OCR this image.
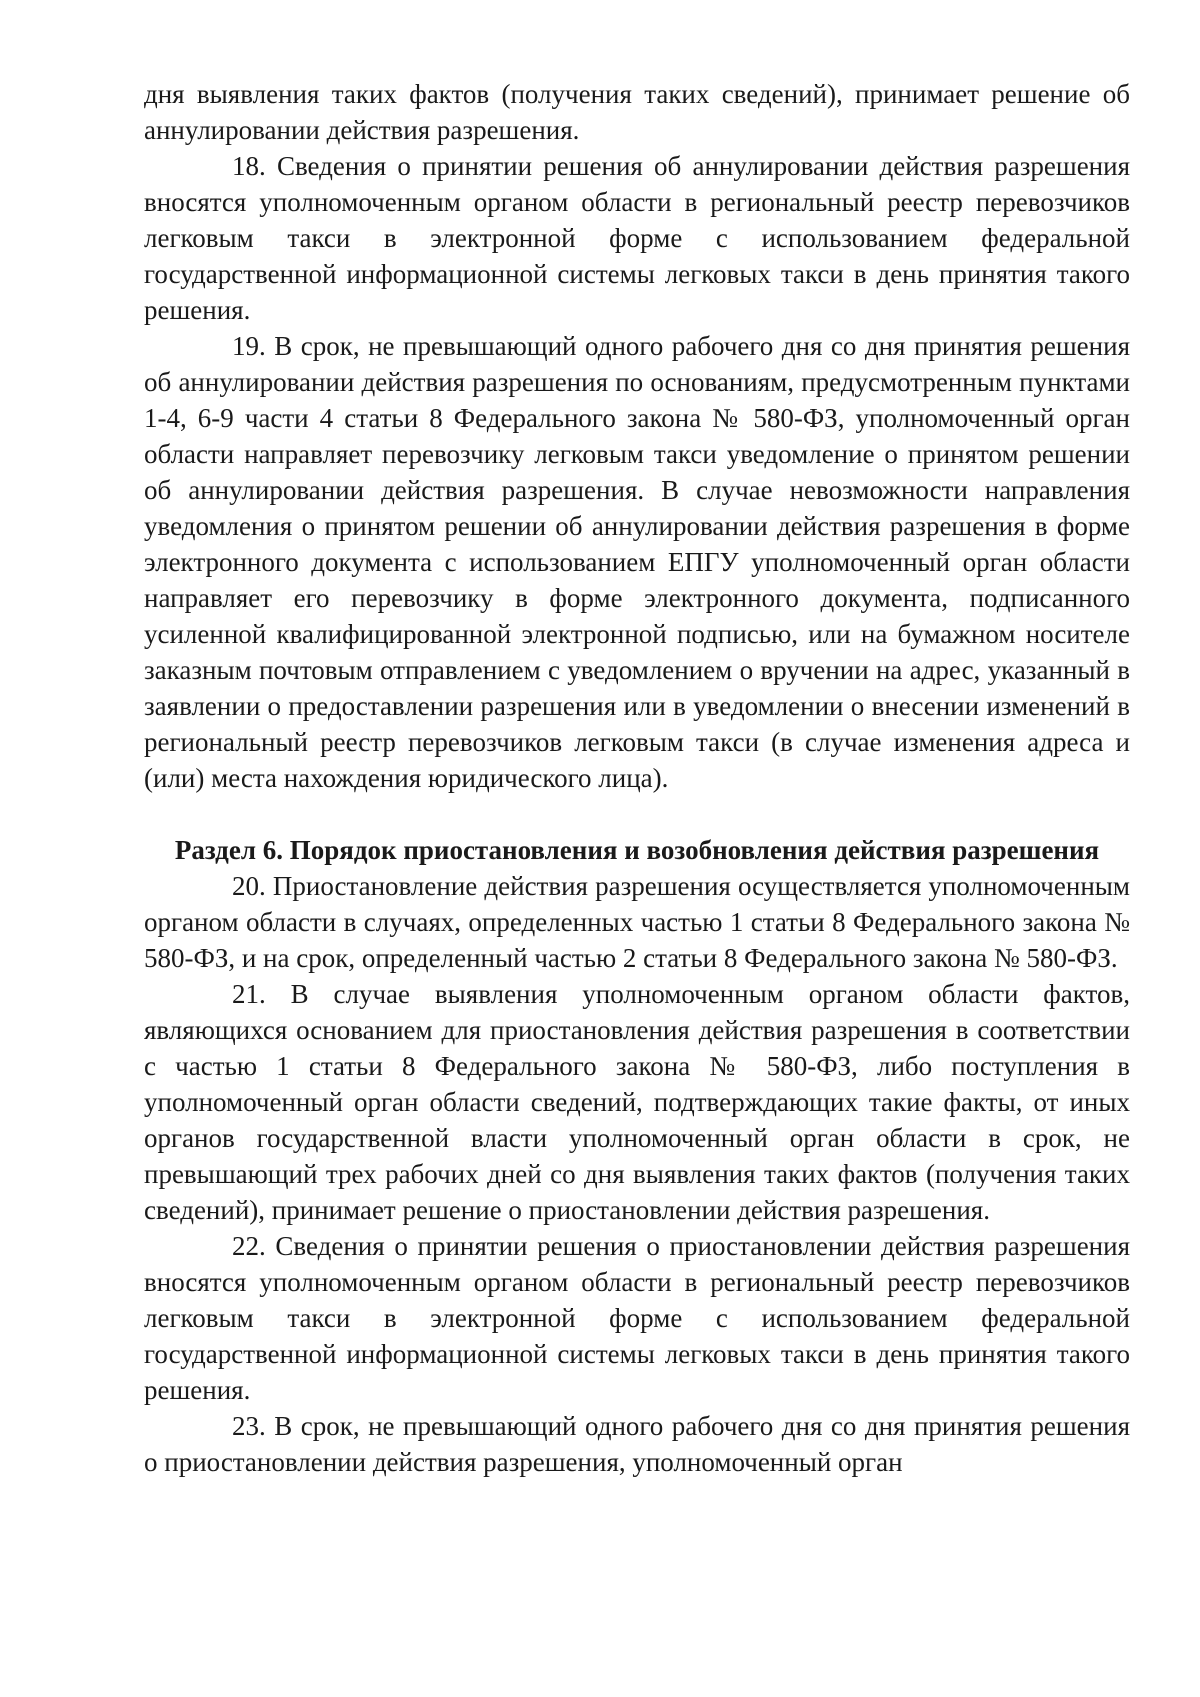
дня выявления таких фактов (получения таких сведений), принимает решение об аннулировании действия разрешения.

18. Сведения о принятии решения об аннулировании действия разрешения вносятся уполномоченным органом области в региональный реестр перевозчиков легковым такси в электронной форме с использованием федеральной государственной информационной системы легковых такси в день принятия такого решения.

19. В срок, не превышающий одного рабочего дня со дня принятия решения об аннулировании действия разрешения по основаниям, предусмотренным пунктами 1-4, 6-9 части 4 статьи 8 Федерального закона № 580-ФЗ, уполномоченный орган области направляет перевозчику легковым такси уведомление о принятом решении об аннулировании действия разрешения. В случае невозможности направления уведомления о принятом решении об аннулировании действия разрешения в форме электронного документа с использованием ЕПГУ уполномоченный орган области направляет его перевозчику в форме электронного документа, подписанного усиленной квалифицированной электронной подписью, или на бумажном носителе заказным почтовым отправлением с уведомлением о вручении на адрес, указанный в заявлении о предоставлении разрешения или в уведомлении о внесении изменений в региональный реестр перевозчиков легковым такси (в случае изменения адреса и (или) места нахождения юридического лица).

Раздел 6. Порядок приостановления и возобновления действия разрешения

20. Приостановление действия разрешения осуществляется уполномоченным органом области в случаях, определенных частью 1 статьи 8 Федерального закона № 580-ФЗ, и на срок, определенный частью 2 статьи 8 Федерального закона № 580-ФЗ.

21. В случае выявления уполномоченным органом области фактов, являющихся основанием для приостановления действия разрешения в соответствии с частью 1 статьи 8 Федерального закона № 580-ФЗ, либо поступления в уполномоченный орган области сведений, подтверждающих такие факты, от иных органов государственной власти уполномоченный орган области в срок, не превышающий трех рабочих дней со дня выявления таких фактов (получения таких сведений), принимает решение о приостановлении действия разрешения.

22. Сведения о принятии решения о приостановлении действия разрешения вносятся уполномоченным органом области в региональный реестр перевозчиков легковым такси в электронной форме с использованием федеральной государственной информационной системы легковых такси в день принятия такого решения.

23. В срок, не превышающий одного рабочего дня со дня принятия решения о приостановлении действия разрешения, уполномоченный орган
